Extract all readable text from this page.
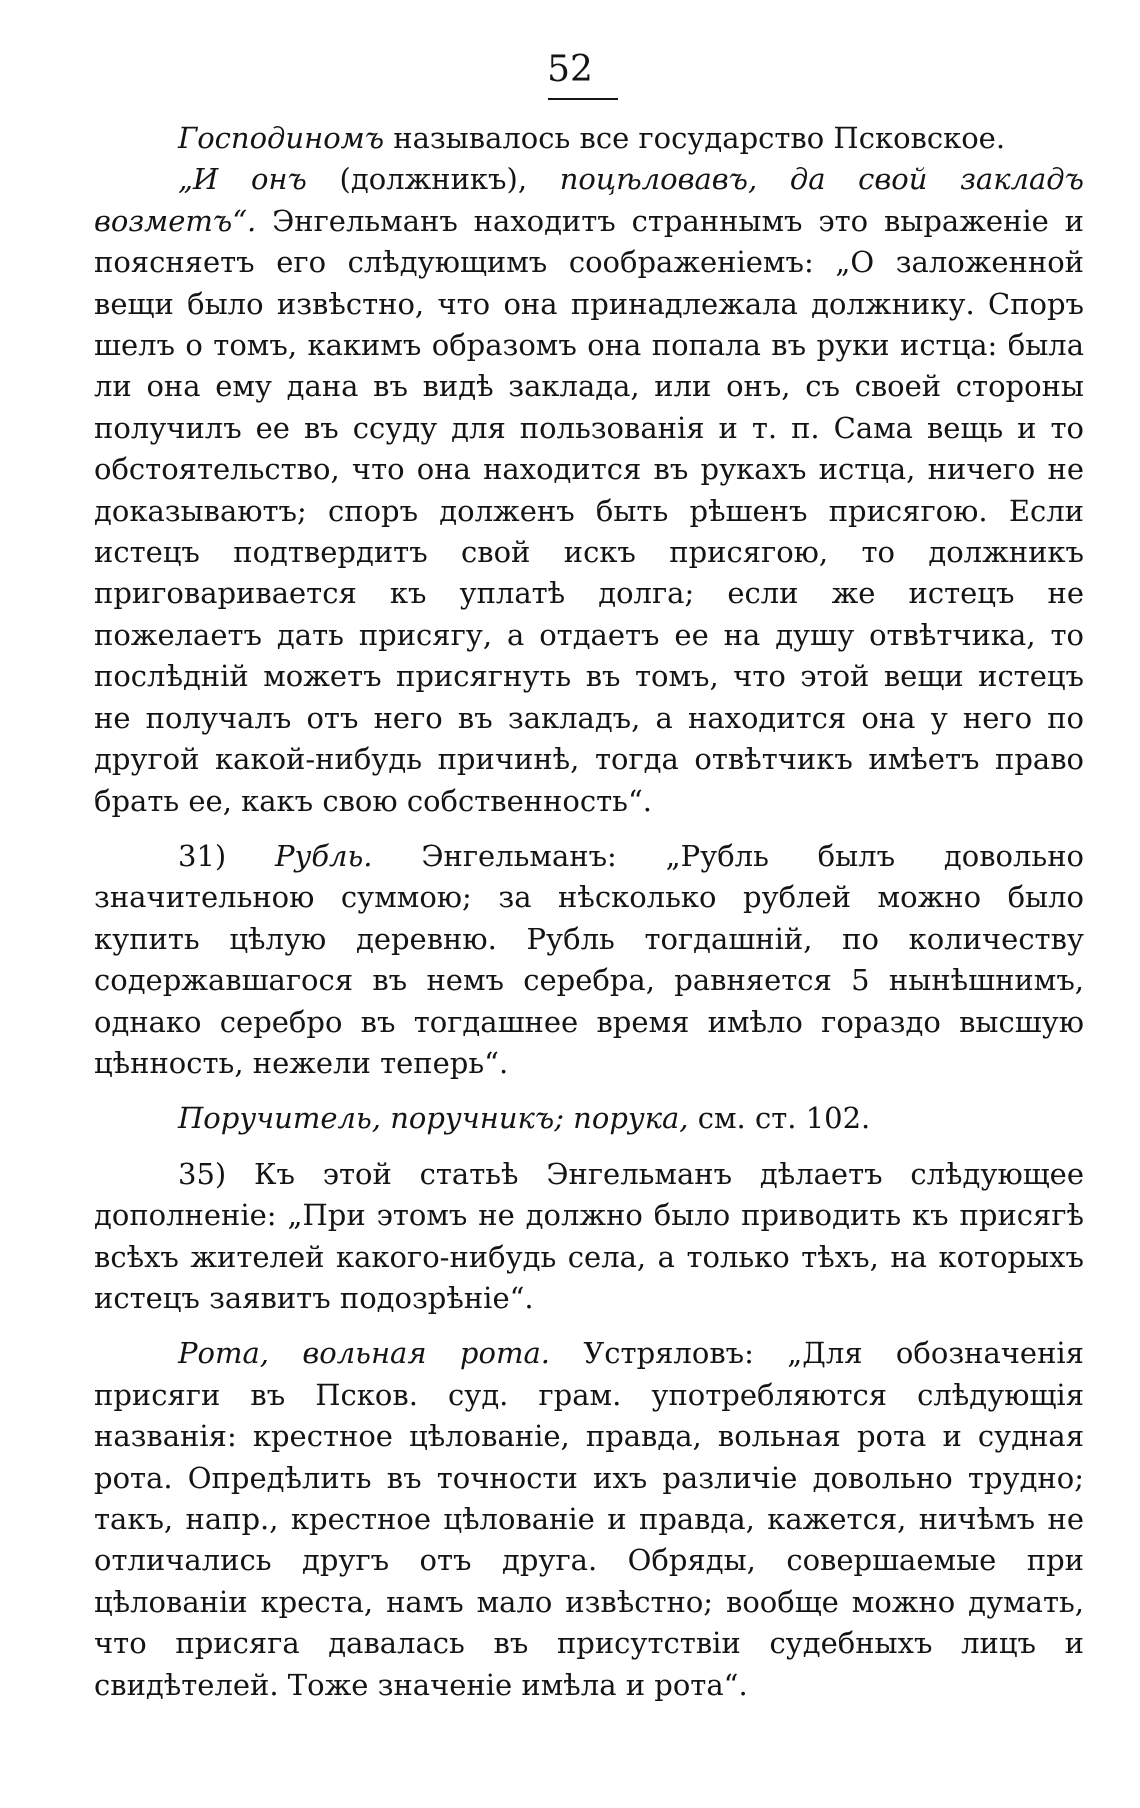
52

Господиномъ называлось все государство Псковское.

„И онъ (должникъ), поцѣловавъ, да свой закладъ возметъ“. Энгельманъ находитъ страннымъ это выраженіе и поясняетъ его слѣдующимъ соображеніемъ: „О заложенной вещи было извѣстно, что она принадлежала должнику. Споръ шелъ о томъ, какимъ образомъ она попала въ руки истца: была ли она ему дана въ видѣ заклада, или онъ, съ своей стороны получилъ ее въ ссуду для пользованія и т. п. Сама вещь и то обстоятельство, что она находится въ рукахъ истца, ничего не доказываютъ; споръ долженъ быть рѣшенъ присягою. Если истецъ подтвердитъ свой искъ присягою, то должникъ приговаривается къ уплатѣ долга; если же истецъ не пожелаетъ дать присягу, а отдаетъ ее на душу отвѣтчика, то послѣдній можетъ присягнуть въ томъ, что этой вещи истецъ не получалъ отъ него въ закладъ, а находится она у него по другой какой-нибудь причинѣ, тогда отвѣтчикъ имѣетъ право брать ее, какъ свою собственность“.

31) Рубль. Энгельманъ: „Рубль былъ довольно значительною суммою; за нѣсколько рублей можно было купить цѣлую деревню. Рубль тогдашній, по количеству содержавшагося въ немъ серебра, равняется 5 нынѣшнимъ, однако серебро въ тогдашнее время имѣло гораздо высшую цѣнность, нежели теперь“.

Поручитель, поручникъ; порука, см. ст. 102.

35) Къ этой статьѣ Энгельманъ дѣлаетъ слѣдующее дополненіе: „При этомъ не должно было приводить къ присягѣ всѣхъ жителей какого-нибудь села, а только тѣхъ, на которыхъ истецъ заявитъ подозрѣніе“.

Рота, вольная рота. Устряловъ: „Для обозначенія присяги въ Псков. суд. грам. употребляются слѣдующія названія: крестное цѣлованіе, правда, вольная рота и судная рота. Опредѣлить въ точности ихъ различіе довольно трудно; такъ, напр., крестное цѣлованіе и правда, кажется, ничѣмъ не отличались другъ отъ друга. Обряды, совершаемые при цѣлованіи креста, намъ мало извѣстно; вообще можно думать, что присяга давалась въ присутствіи судебныхъ лицъ и свидѣтелей. Тоже значеніе имѣла и рота“.
